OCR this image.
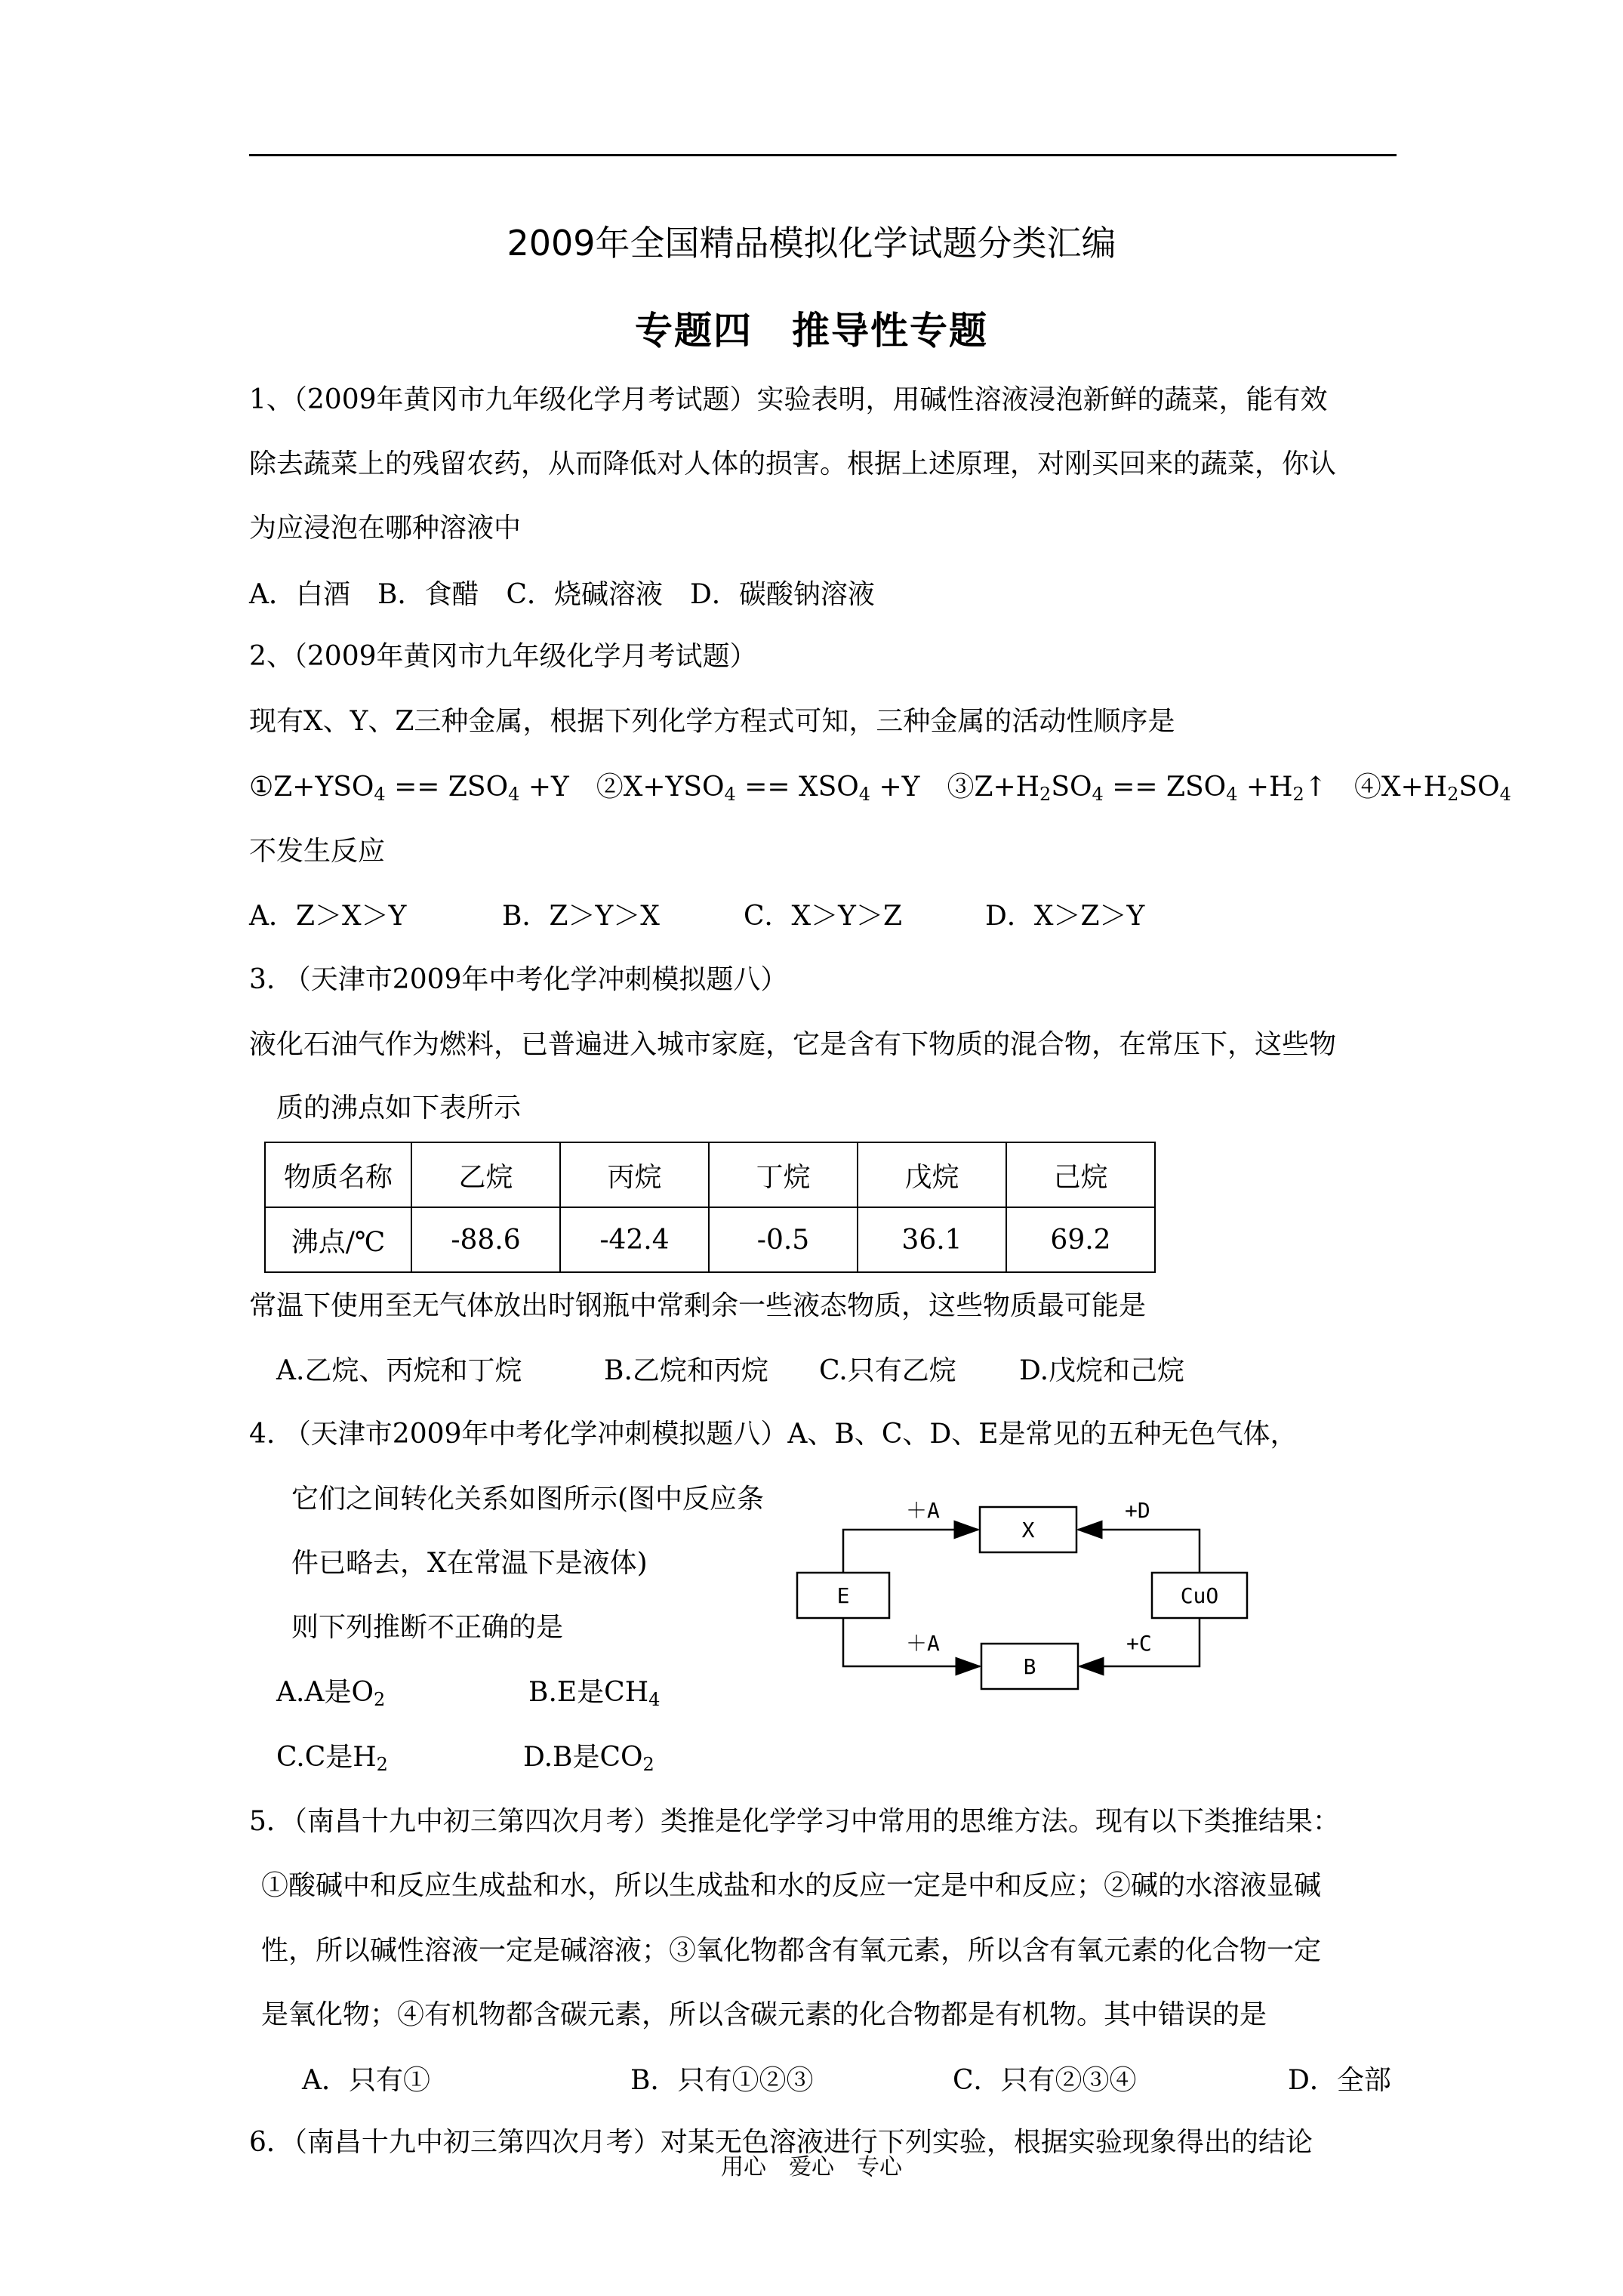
2009年全国精品模拟化学试题分类汇编
专题四　推导性专题
1、（2009年黄冈市九年级化学月考试题）实验表明，用碱性溶液浸泡新鲜的蔬菜，能有效
除去蔬菜上的残留农药，从而降低对人体的损害。根据上述原理，对刚买回来的蔬菜，你认
为应浸泡在哪种溶液中
A．白酒　B．食醋　C．烧碱溶液　D．碳酸钠溶液
2、（2009年黄冈市九年级化学月考试题）
现有X、Y、Z三种金属，根据下列化学方程式可知，三种金属的活动性顺序是
$①Z+YSO_4 == ZSO_4 +Y$　$②X+YSO_4 == XSO_4 +Y$　$③Z+H_2SO_4 == ZSO_4$ $+H_2↑$　$④X+H_2SO_4$
不发生反应
A．Z＞X＞Y	B．Z＞Y＞X	C．X＞Y＞Z	D．X＞Z＞Y
3. （天津市2009年中考化学冲刺模拟题八）
液化石油气作为燃料，已普遍进入城市家庭，它是含有下物质的混合物，在常压下，这些物
质的沸点如下表所示
物质名称	乙烷	丙烷	丁烷	戊烷	己烷
沸点/℃	-88.6	-42.4	-0.5	36.1	69.2
常温下使用至无气体放出时钢瓶中常剩余一些液态物质，这些物质最可能是
A.乙烷、丙烷和丁烷	B.乙烷和丙烷 C.只有乙烷 D.戊烷和己烷
4. （天津市2009年中考化学冲刺模拟题八）A、B、C、D、E是常见的五种无色气体，
它们之间转化关系如图所示(图中反应条
件已略去，X在常温下是液体)
则下列推断不正确的是
A.A是$O_2$	B.E是$CH_4$
C.C是$H_2$	D.B是$CO_2$
X
E	CuO
B
＋A	+D
＋A	+C
5．（南昌十九中初三第四次月考）类推是化学学习中常用的思维方法。现有以下类推结果：
①酸碱中和反应生成盐和水，所以生成盐和水的反应一定是中和反应；②碱的水溶液显碱
性，所以碱性溶液一定是碱溶液；③氧化物都含有氧元素，所以含有氧元素的化合物一定
是氧化物；④有机物都含碳元素，所以含碳元素的化合物都是有机物。其中错误的是
A．只有①	B．只有①②③	C．只有②③④	D．全部
6．（南昌十九中初三第四次月考）对某无色溶液进行下列实验，根据实验现象得出的结论
用心　爱心　专心
